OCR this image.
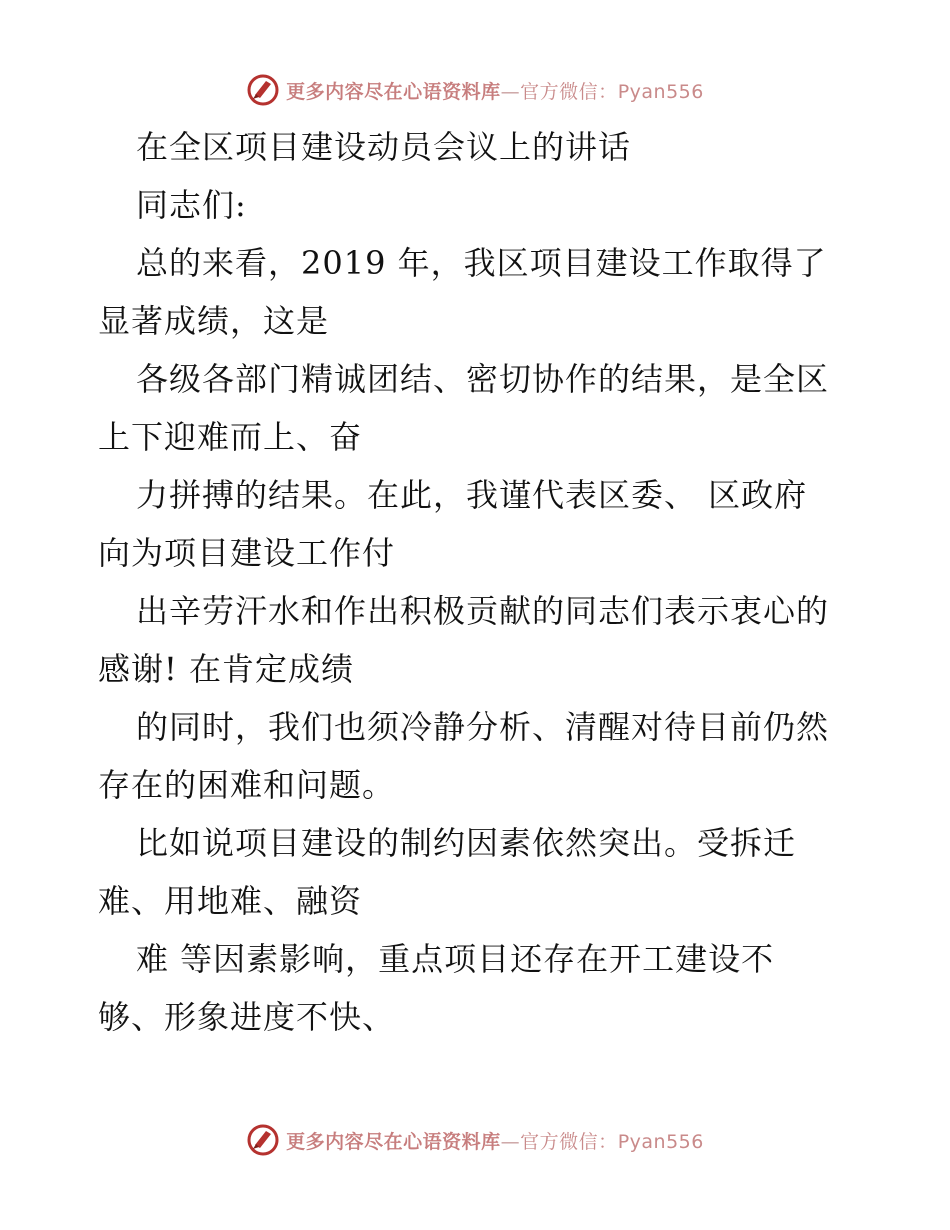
更多内容尽在心语资料库—官方微信：Pyan556
在全区项目建设动员会议上的讲话
同志们:
总的来看，2019 年，我区项目建设工作取得了
显著成绩，这是
各级各部门精诚团结、密切协作的结果，是全区
上下迎难而上、奋
力拼搏的结果。在此，我谨代表区委、 区政府
向为项目建设工作付
出辛劳汗水和作出积极贡献的同志们表示衷心的
感谢! 在肯定成绩
的同时，我们也须冷静分析、清醒对待目前仍然
存在的困难和问题。
比如说项目建设的制约因素依然突出。受拆迁
难、用地难、融资
难 等因素影响，重点项目还存在开工建设不
够、形象进度不快、
更多内容尽在心语资料库—官方微信：Pyan556
